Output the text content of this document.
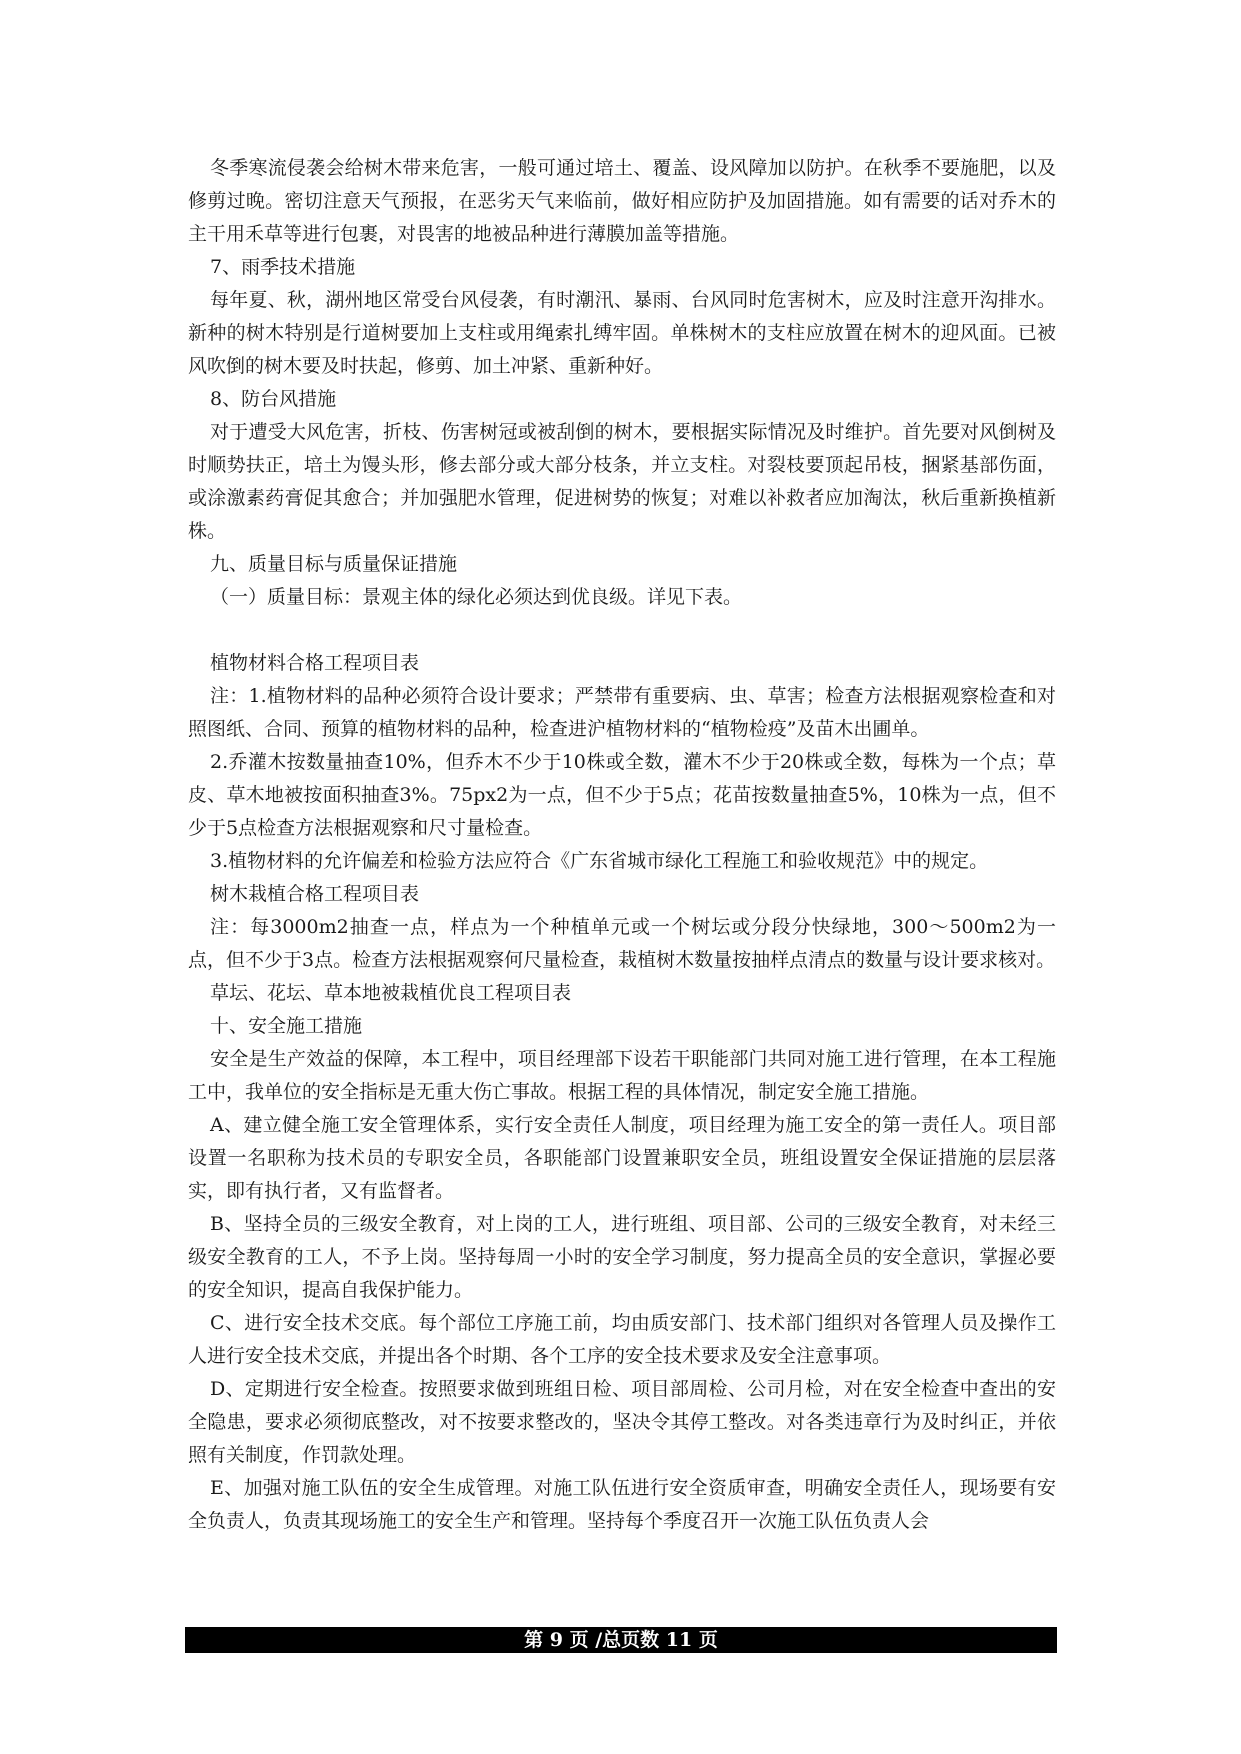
冬季寒流侵袭会给树木带来危害，一般可通过培土、覆盖、设风障加以防护。在秋季不要施肥，以及修剪过晚。密切注意天气预报，在恶劣天气来临前，做好相应防护及加固措施。如有需要的话对乔木的主干用禾草等进行包裹，对畏害的地被品种进行薄膜加盖等措施。

7、雨季技术措施

每年夏、秋，湖州地区常受台风侵袭，有时潮汛、暴雨、台风同时危害树木，应及时注意开沟排水。新种的树木特别是行道树要加上支柱或用绳索扎缚牢固。单株树木的支柱应放置在树木的迎风面。已被风吹倒的树木要及时扶起，修剪、加土冲紧、重新种好。

8、防台风措施

对于遭受大风危害，折枝、伤害树冠或被刮倒的树木，要根据实际情况及时维护。首先要对风倒树及时顺势扶正，培土为馒头形，修去部分或大部分枝条，并立支柱。对裂枝要顶起吊枝，捆紧基部伤面，或涂激素药膏促其愈合；并加强肥水管理，促进树势的恢复；对难以补救者应加淘汰，秋后重新换植新株。

九、质量目标与质量保证措施

（一）质量目标：景观主体的绿化必须达到优良级。详见下表。

植物材料合格工程项目表

注：1.植物材料的品种必须符合设计要求；严禁带有重要病、虫、草害；检查方法根据观察检查和对照图纸、合同、预算的植物材料的品种，检查进沪植物材料的“植物检疫”及苗木出圃单。

2.乔灌木按数量抽查10%，但乔木不少于10株或全数，灌木不少于20株或全数，每株为一个点；草皮、草木地被按面积抽查3%。75px2为一点，但不少于5点；花苗按数量抽查5%，10株为一点，但不少于5点检查方法根据观察和尺寸量检查。

3.植物材料的允许偏差和检验方法应符合《广东省城市绿化工程施工和验收规范》中的规定。

树木栽植合格工程项目表

注：每3000m2抽查一点，样点为一个种植单元或一个树坛或分段分快绿地，300～500m2为一点，但不少于3点。检查方法根据观察何尺量检查，栽植树木数量按抽样点清点的数量与设计要求核对。

草坛、花坛、草本地被栽植优良工程项目表

十、安全施工措施

安全是生产效益的保障，本工程中，项目经理部下设若干职能部门共同对施工进行管理，在本工程施工中，我单位的安全指标是无重大伤亡事故。根据工程的具体情况，制定安全施工措施。

A、建立健全施工安全管理体系，实行安全责任人制度，项目经理为施工安全的第一责任人。项目部设置一名职称为技术员的专职安全员，各职能部门设置兼职安全员，班组设置安全保证措施的层层落实，即有执行者，又有监督者。

B、坚持全员的三级安全教育，对上岗的工人，进行班组、项目部、公司的三级安全教育，对未经三级安全教育的工人，不予上岗。坚持每周一小时的安全学习制度，努力提高全员的安全意识，掌握必要的安全知识，提高自我保护能力。

C、进行安全技术交底。每个部位工序施工前，均由质安部门、技术部门组织对各管理人员及操作工人进行安全技术交底，并提出各个时期、各个工序的安全技术要求及安全注意事项。

D、定期进行安全检查。按照要求做到班组日检、项目部周检、公司月检，对在安全检查中查出的安全隐患，要求必须彻底整改，对不按要求整改的，坚决令其停工整改。对各类违章行为及时纠正，并依照有关制度，作罚款处理。

E、加强对施工队伍的安全生成管理。对施工队伍进行安全资质审查，明确安全责任人，现场要有安全负责人，负责其现场施工的安全生产和管理。坚持每个季度召开一次施工队伍负责人会

第 9 页 /总页数 11 页
